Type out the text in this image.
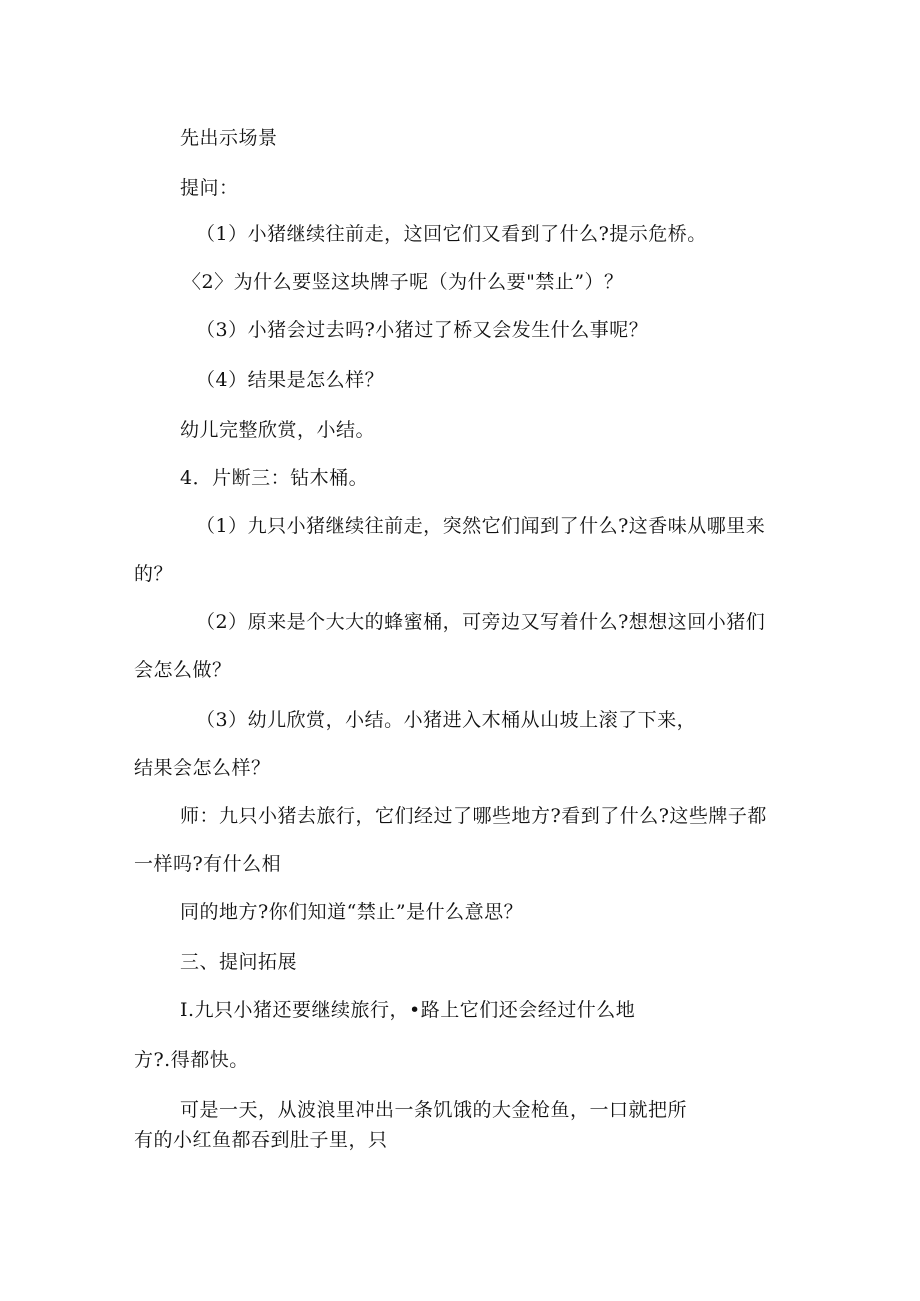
先出示场景
提问：
（1）小猪继续往前走，这回它们又看到了什么?提示危桥。
〈2〉为什么要竖这块牌子呢（为什么要"禁止”）？
（3）小猪会过去吗?小猪过了桥又会发生什么事呢？
（4）结果是怎么样？
幼儿完整欣赏，小结。
4．片断三：钻木桶。
（1）九只小猪继续往前走，突然它们闻到了什么?这香味从哪里来
的？
（2）原来是个大大的蜂蜜桶，可旁边又写着什么?想想这回小猪们
会怎么做？
（3）幼儿欣赏，小结。小猪进入木桶从山坡上滚了下来，
结果会怎么样？
师：九只小猪去旅行，它们经过了哪些地方?看到了什么?这些牌子都
一样吗?有什么相
同的地方?你们知道“禁止”是什么意思？
三、提问拓展
I.九只小猪还要继续旅行，•路上它们还会经过什么地
方?.得都快。
可是一天，从波浪里冲出一条饥饿的大金枪鱼，一口就把所
有的小红鱼都吞到肚子里，只
